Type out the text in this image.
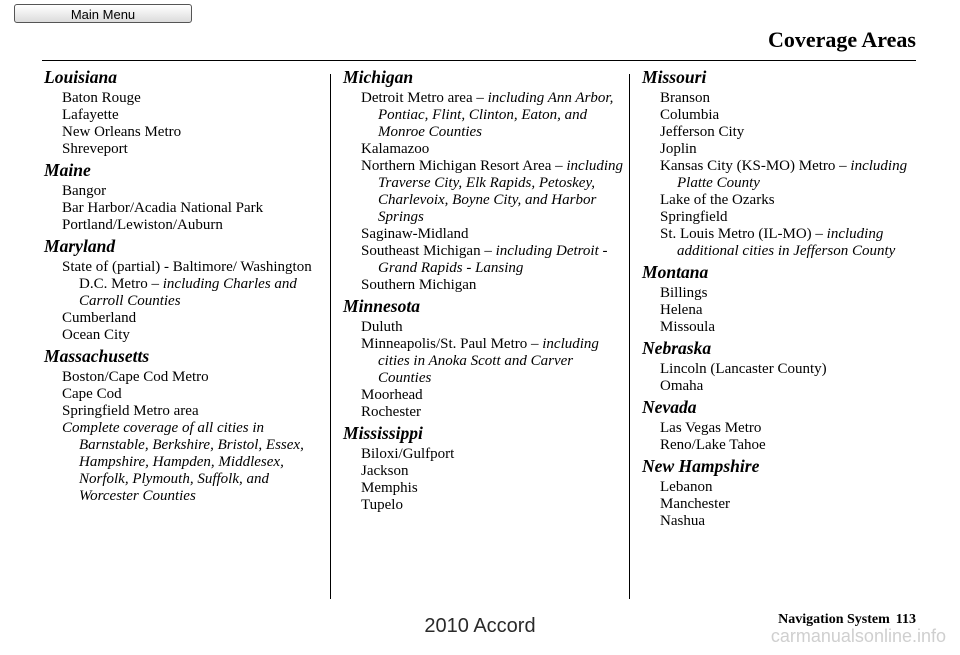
Main Menu
Coverage Areas
Louisiana
Baton Rouge
Lafayette
New Orleans Metro
Shreveport
Maine
Bangor
Bar Harbor/Acadia National Park
Portland/Lewiston/Auburn
Maryland
State of (partial) - Baltimore/ Washington D.C. Metro – including Charles and Carroll Counties
Cumberland
Ocean City
Massachusetts
Boston/Cape Cod Metro
Cape Cod
Springfield Metro area
Complete coverage of all cities in Barnstable, Berkshire, Bristol, Essex, Hampshire, Hampden, Middlesex, Norfolk, Plymouth, Suffolk, and Worcester Counties
Michigan
Detroit Metro area – including Ann Arbor, Pontiac, Flint, Clinton, Eaton, and Monroe Counties
Kalamazoo
Northern Michigan Resort Area – including Traverse City, Elk Rapids, Petoskey, Charlevoix, Boyne City, and Harbor Springs
Saginaw-Midland
Southeast Michigan – including Detroit - Grand Rapids - Lansing
Southern Michigan
Minnesota
Duluth
Minneapolis/St. Paul Metro – including cities in Anoka Scott and Carver Counties
Moorhead
Rochester
Mississippi
Biloxi/Gulfport
Jackson
Memphis
Tupelo
Missouri
Branson
Columbia
Jefferson City
Joplin
Kansas City (KS-MO) Metro – including Platte County
Lake of the Ozarks
Springfield
St. Louis Metro (IL-MO) – including additional cities in Jefferson County
Montana
Billings
Helena
Missoula
Nebraska
Lincoln (Lancaster County)
Omaha
Nevada
Las Vegas Metro
Reno/Lake Tahoe
New Hampshire
Lebanon
Manchester
Nashua
Navigation System 113
2010 Accord	carmanualsonline.info
